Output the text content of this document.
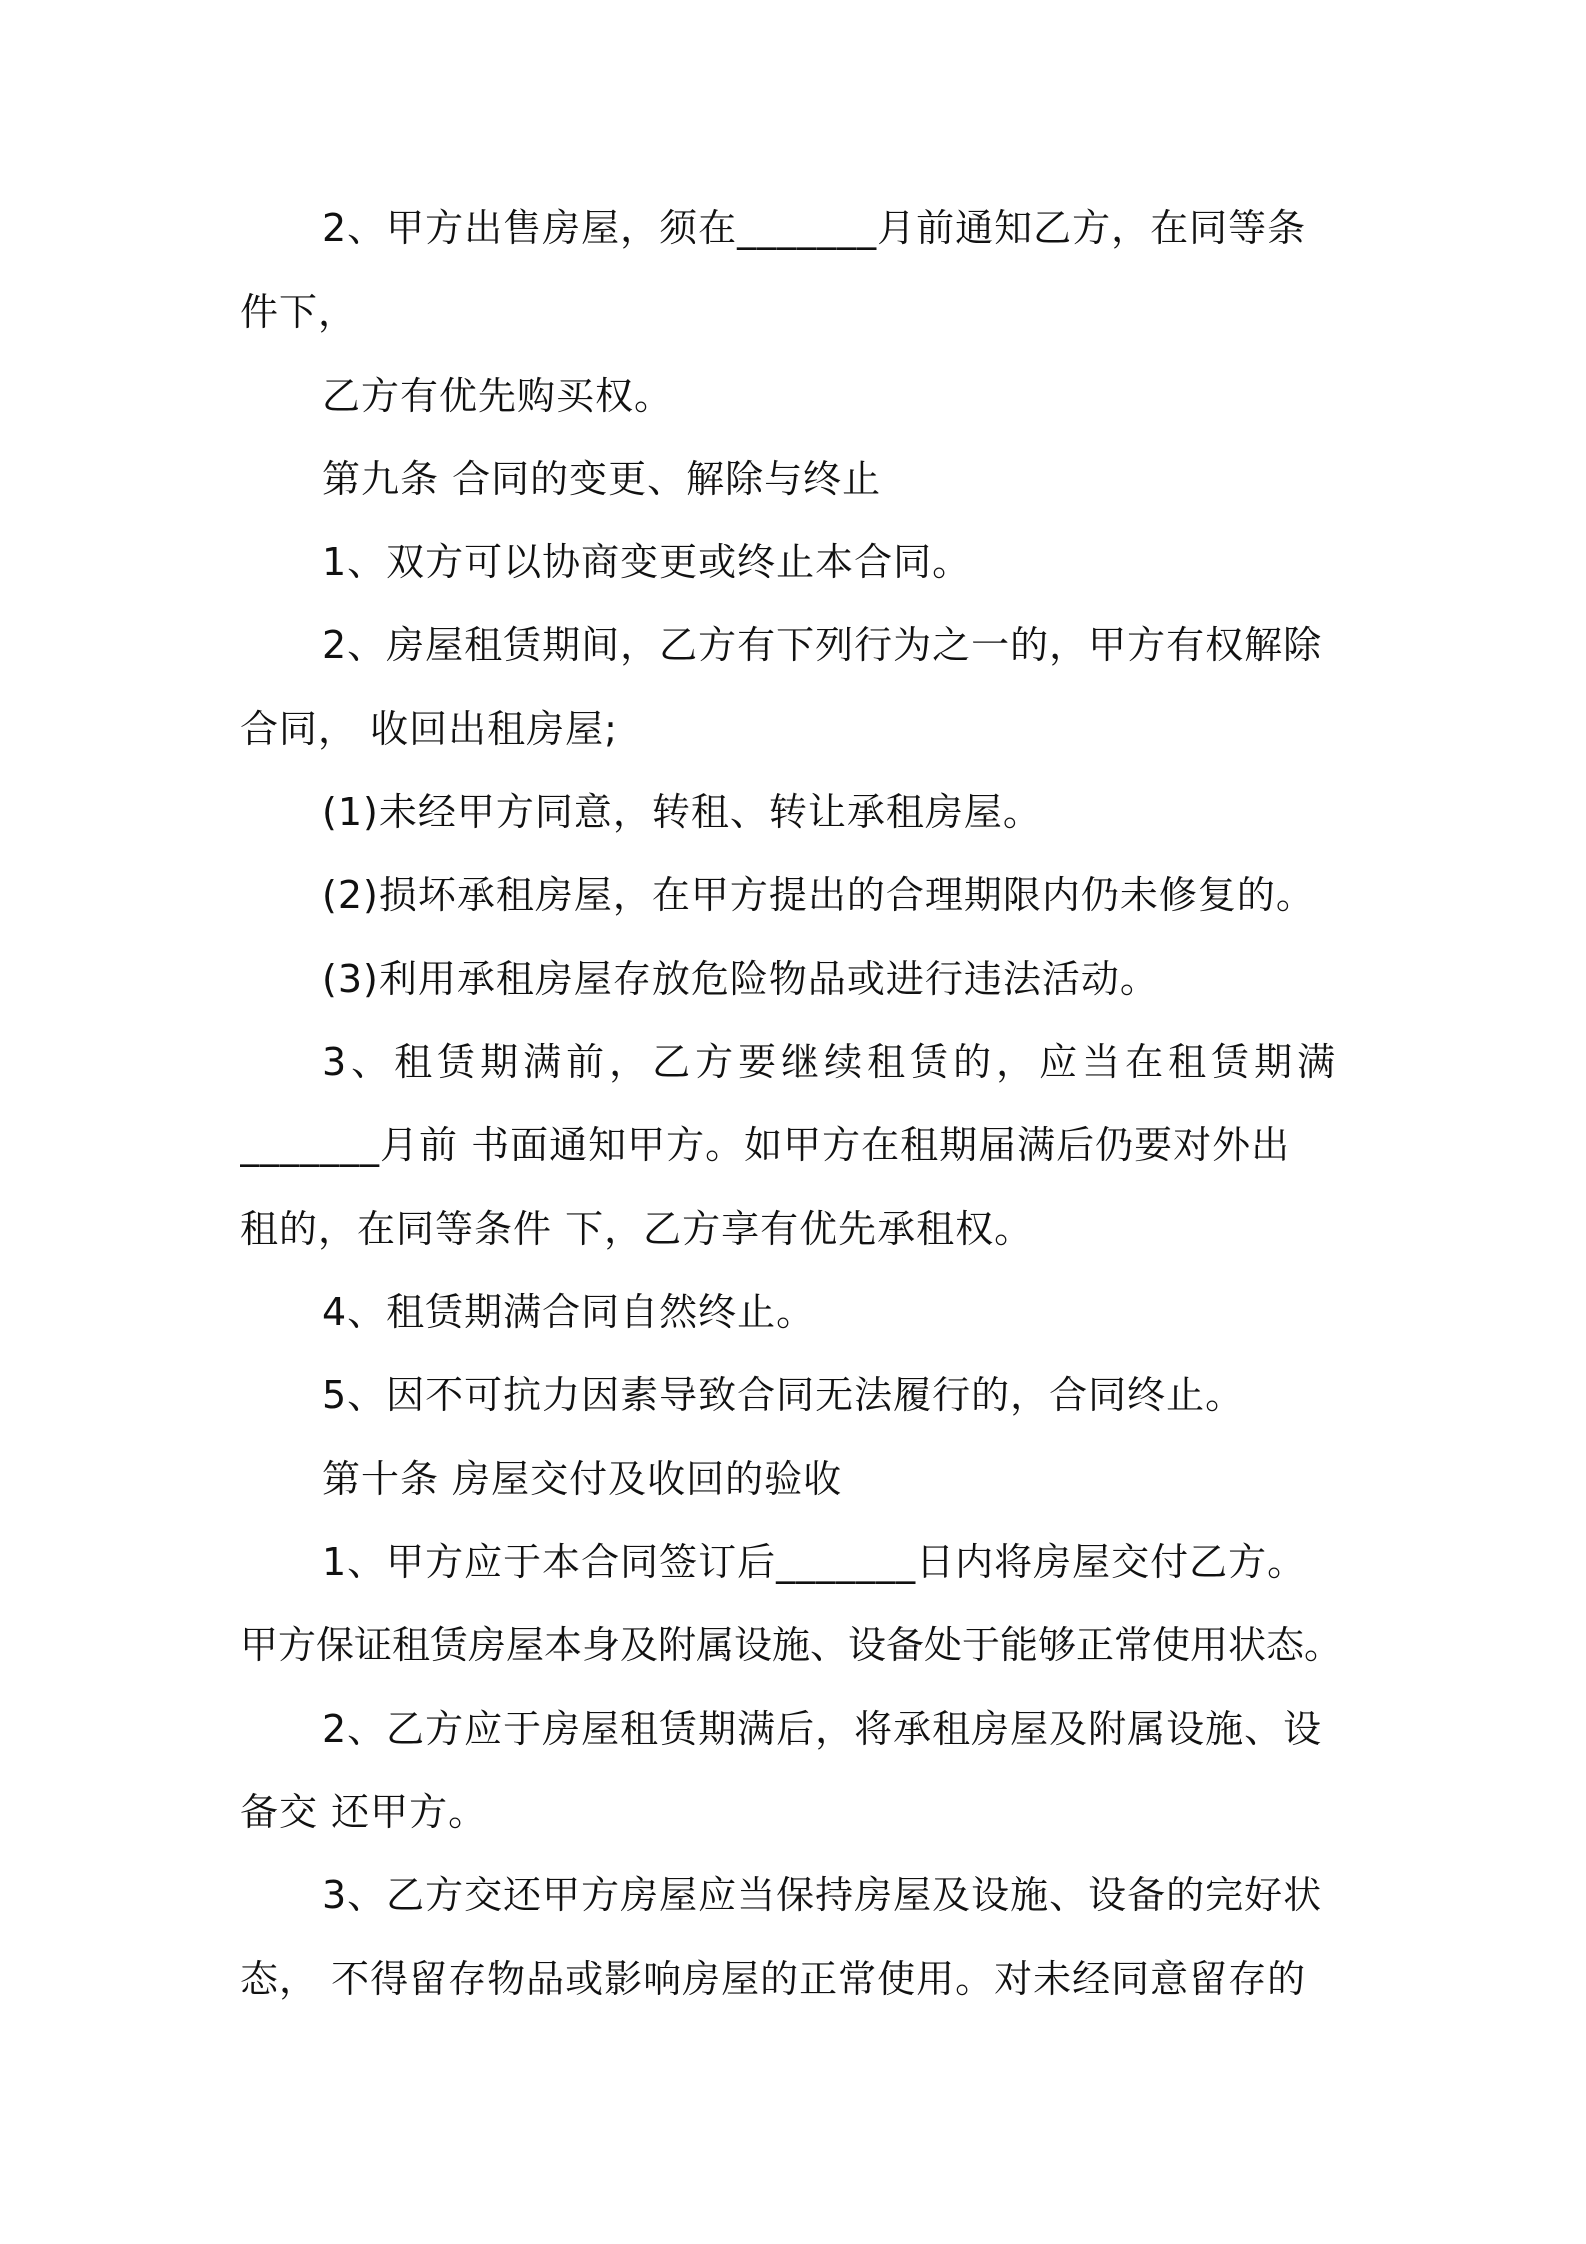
2、甲方出售房屋，须在_______月前通知乙方，在同等条
件下，
乙方有优先购买权。
第九条 合同的变更、解除与终止
1、双方可以协商变更或终止本合同。
2、房屋租赁期间，乙方有下列行为之一的，甲方有权解除
合同， 收回出租房屋;
(1)未经甲方同意，转租、转让承租房屋。
(2)损坏承租房屋，在甲方提出的合理期限内仍未修复的。
(3)利用承租房屋存放危险物品或进行违法活动。
3、租赁期满前，乙方要继续租赁的，应当在租赁期满
_______月前 书面通知甲方。如甲方在租期届满后仍要对外出
租的，在同等条件 下，乙方享有优先承租权。
4、租赁期满合同自然终止。
5、因不可抗力因素导致合同无法履行的，合同终止。
第十条 房屋交付及收回的验收
1、甲方应于本合同签订后_______日内将房屋交付乙方。
甲方保证租赁房屋本身及附属设施、设备处于能够正常使用状态。
2、乙方应于房屋租赁期满后，将承租房屋及附属设施、设
备交 还甲方。
3、乙方交还甲方房屋应当保持房屋及设施、设备的完好状
态， 不得留存物品或影响房屋的正常使用。对未经同意留存的
